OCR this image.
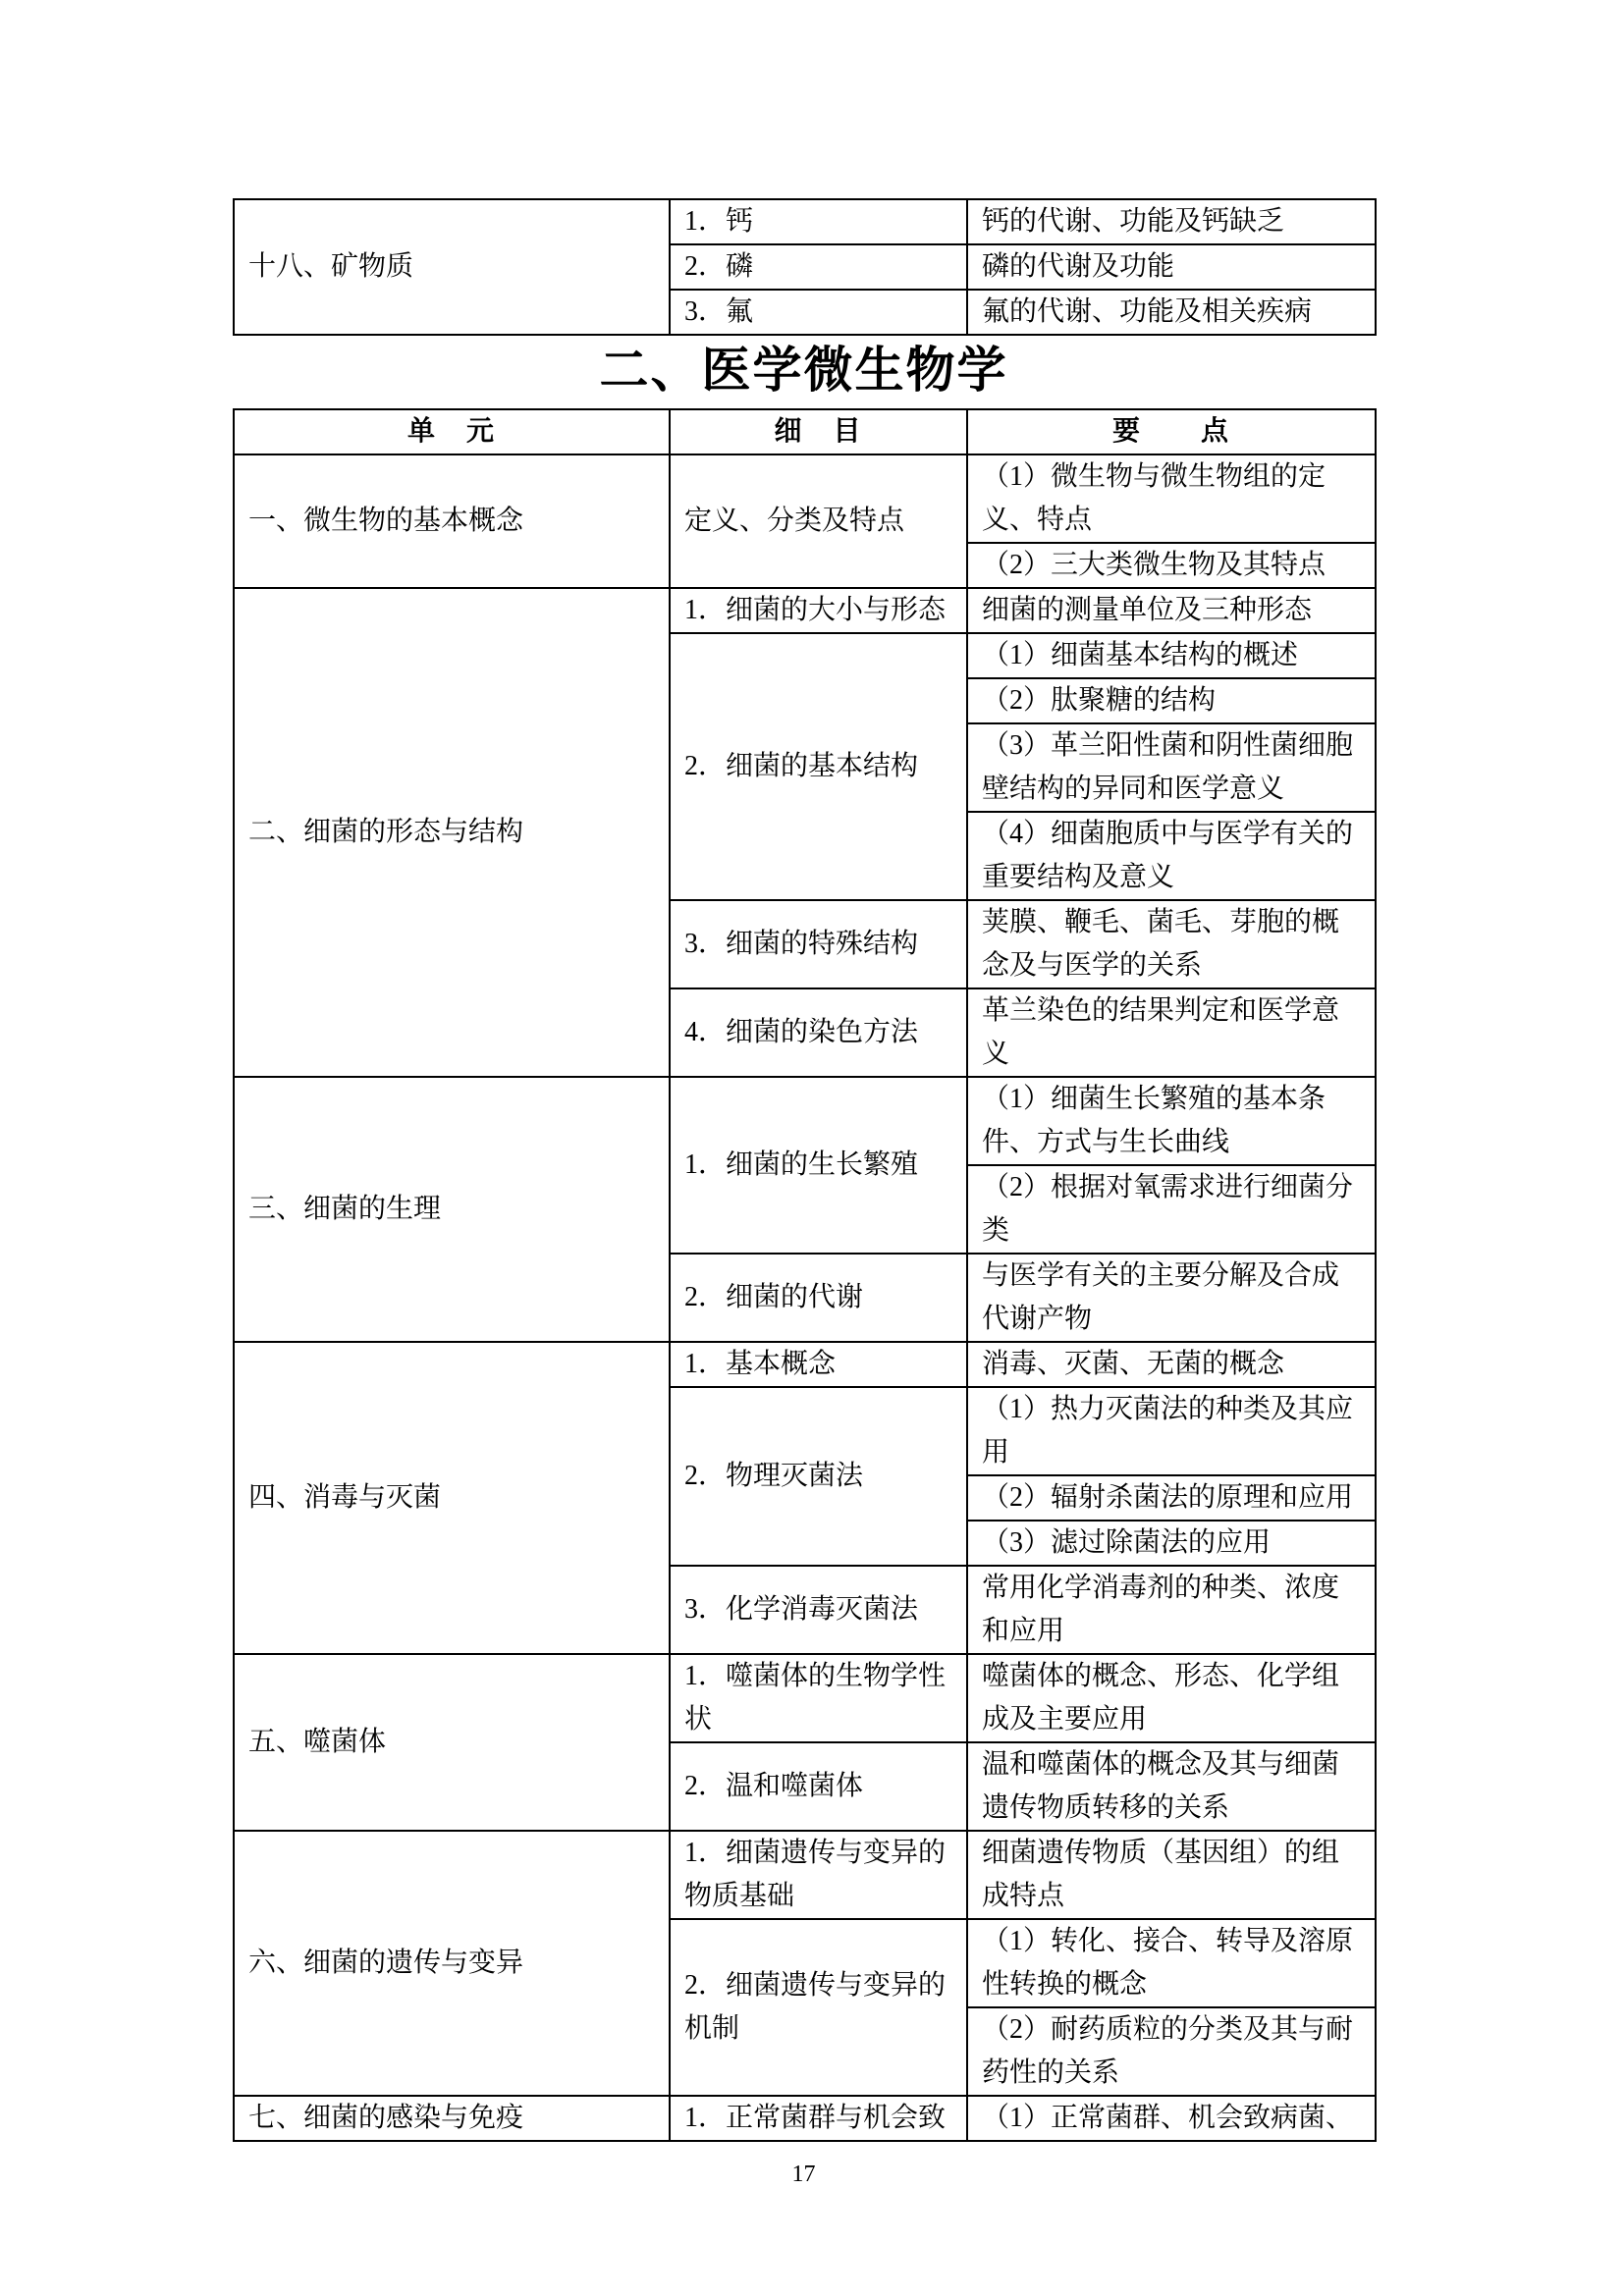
十八、矿物质	1．钙	钙的代谢、功能及钙缺乏
	2．磷	磷的代谢及功能
	3．氟	氟的代谢、功能及相关疾病
二、医学微生物学
单　元	细　目	要　　点
一、微生物的基本概念	定义、分类及特点	（1）微生物与微生物组的定义、特点
		（2）三大类微生物及其特点
二、细菌的形态与结构	1．细菌的大小与形态	细菌的测量单位及三种形态
	2．细菌的基本结构	（1）细菌基本结构的概述
		（2）肽聚糖的结构
		（3）革兰阳性菌和阴性菌细胞壁结构的异同和医学意义
		（4）细菌胞质中与医学有关的重要结构及意义
	3．细菌的特殊结构	荚膜、鞭毛、菌毛、芽胞的概念及与医学的关系
	4．细菌的染色方法	革兰染色的结果判定和医学意义
三、细菌的生理	1．细菌的生长繁殖	（1）细菌生长繁殖的基本条件、方式与生长曲线
		（2）根据对氧需求进行细菌分类
	2．细菌的代谢	与医学有关的主要分解及合成代谢产物
四、消毒与灭菌	1．基本概念	消毒、灭菌、无菌的概念
	2．物理灭菌法	（1）热力灭菌法的种类及其应用
		（2）辐射杀菌法的原理和应用
		（3）滤过除菌法的应用
	3．化学消毒灭菌法	常用化学消毒剂的种类、浓度和应用
五、噬菌体	1．噬菌体的生物学性状	噬菌体的概念、形态、化学组成及主要应用
	2．温和噬菌体	温和噬菌体的概念及其与细菌遗传物质转移的关系
六、细菌的遗传与变异	1．细菌遗传与变异的物质基础	细菌遗传物质（基因组）的组成特点
	2．细菌遗传与变异的机制	（1）转化、接合、转导及溶原性转换的概念
		（2）耐药质粒的分类及其与耐药性的关系
七、细菌的感染与免疫	1．正常菌群与机会致	（1）正常菌群、机会致病菌、
17
